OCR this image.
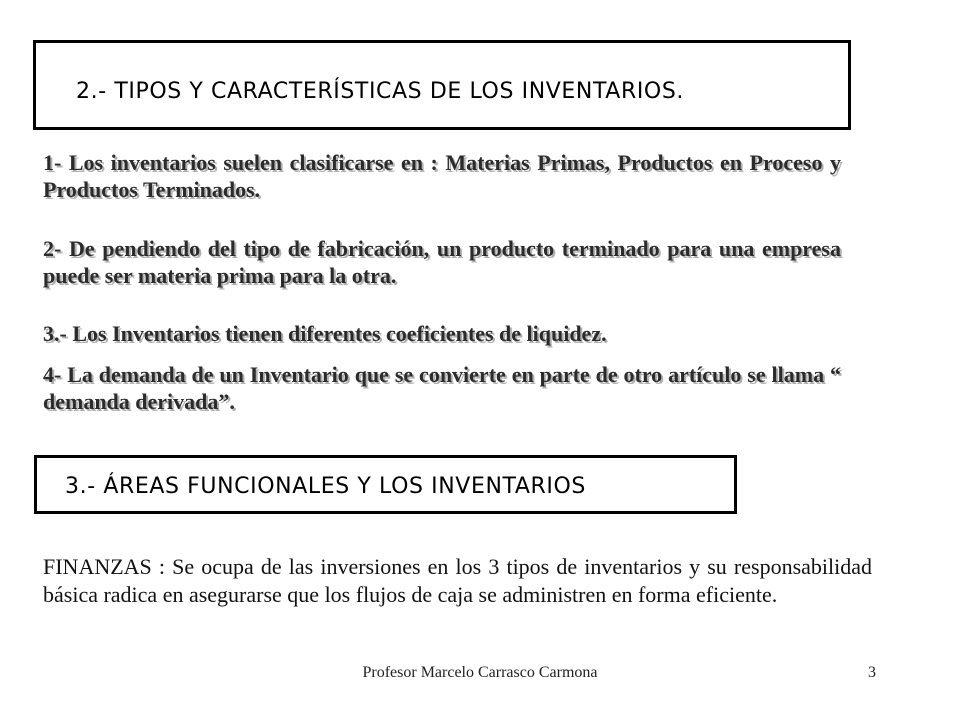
2.- TIPOS Y CARACTERÍSTICAS DE LOS INVENTARIOS.
1- Los inventarios suelen clasificarse en : Materias Primas, Productos en Proceso y Productos Terminados.
2- De pendiendo del tipo de fabricación, un producto terminado para una empresa puede ser materia prima para la otra.
3.- Los Inventarios tienen diferentes coeficientes de liquidez.
4- La demanda de un Inventario que se convierte en parte de otro artículo se llama “ demanda derivada”.
3.- ÁREAS FUNCIONALES Y LOS INVENTARIOS
FINANZAS : Se ocupa de las inversiones en los 3 tipos de inventarios y su responsabilidad básica radica en asegurarse que los flujos de caja se administren en forma eficiente.
Profesor Marcelo Carrasco Carmona	3
